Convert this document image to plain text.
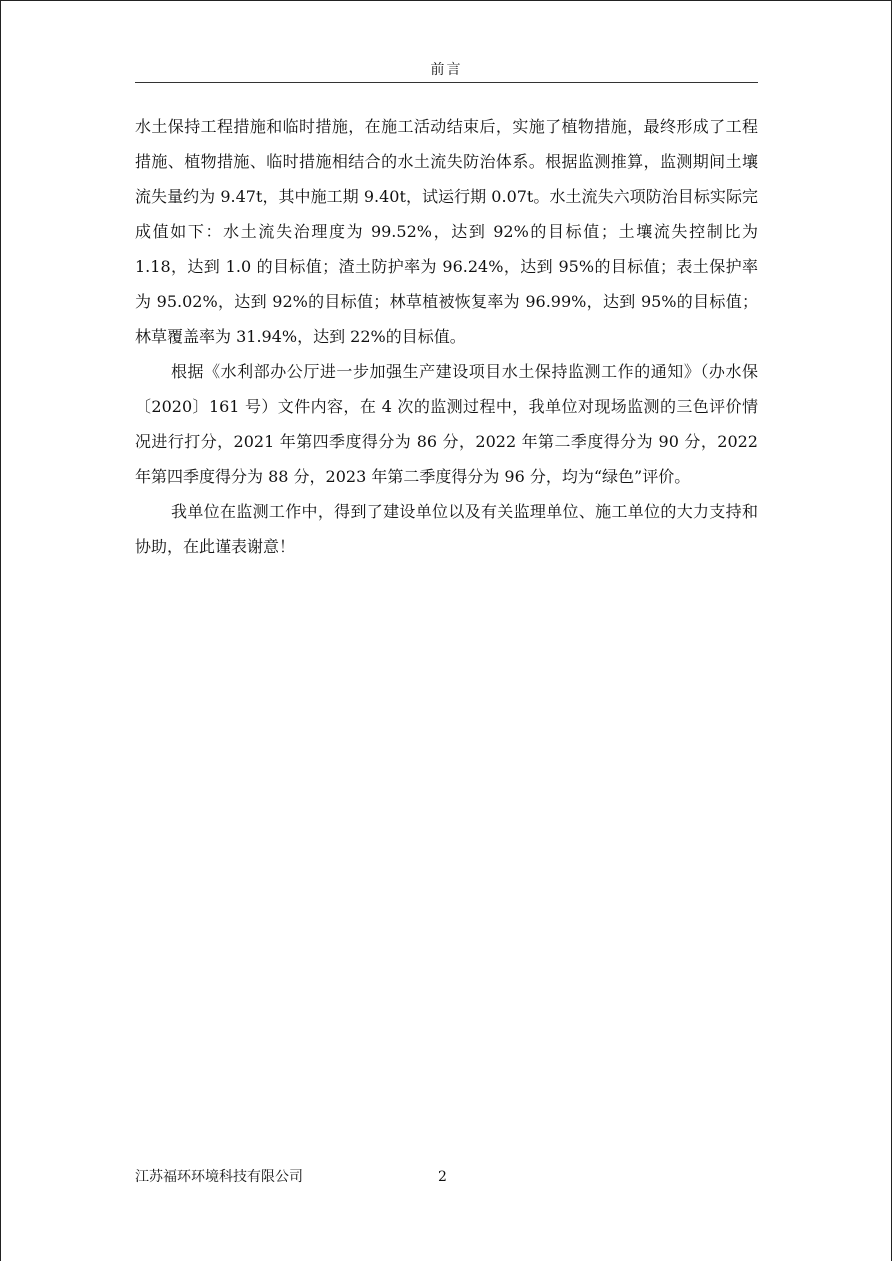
前言

水土保持工程措施和临时措施，在施工活动结束后，实施了植物措施，最终形成了工程措施、植物措施、临时措施相结合的水土流失防治体系。根据监测推算，监测期间土壤流失量约为 9.47t，其中施工期 9.40t，试运行期 0.07t。水土流失六项防治目标实际完成值如下：水土流失治理度为 99.52%，达到 92%的目标值；土壤流失控制比为 1.18，达到 1.0 的目标值；渣土防护率为 96.24%，达到 95%的目标值；表土保护率为 95.02%，达到 92%的目标值；林草植被恢复率为 96.99%，达到 95%的目标值；林草覆盖率为 31.94%，达到 22%的目标值。

根据《水利部办公厅进一步加强生产建设项目水土保持监测工作的通知》（办水保〔2020〕161 号）文件内容，在 4 次的监测过程中，我单位对现场监测的三色评价情况进行打分，2021 年第四季度得分为 86 分，2022 年第二季度得分为 90 分，2022 年第四季度得分为 88 分，2023 年第二季度得分为 96 分，均为“绿色”评价。

我单位在监测工作中，得到了建设单位以及有关监理单位、施工单位的大力支持和协助，在此谨表谢意！

江苏福环环境科技有限公司	2
